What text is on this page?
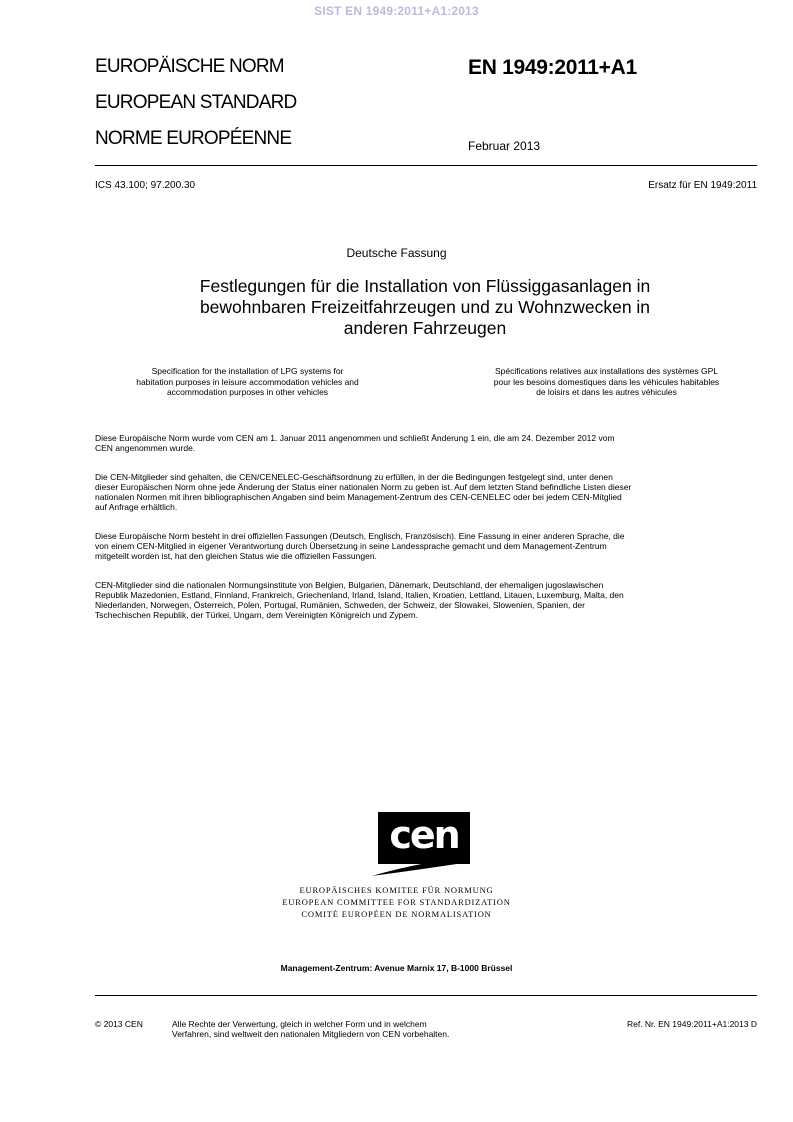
SIST EN 1949:2011+A1:2013
EUROPÄISCHE NORM
EUROPEAN STANDARD
NORME EUROPÉENNE
EN 1949:2011+A1
Februar 2013
ICS 43.100; 97.200.30	Ersatz für EN 1949:2011
Deutsche Fassung
Festlegungen für die Installation von Flüssiggasanlagen in
bewohnbaren Freizeitfahrzeugen und zu Wohnzwecken in
anderen Fahrzeugen
Specification for the installation of LPG systems for
habitation purposes in leisure accommodation vehicles and
accommodation purposes in other vehicles
Spécifications relatives aux installations des systèmes GPL
pour les besoins domestiques dans les véhicules habitables
de loisirs et dans les autres véhicules
Diese Europäische Norm wurde vom CEN am 1. Januar 2011 angenommen und schließt Änderung 1 ein, die am 24. Dezember 2012 vom
CEN angenommen wurde.
Die CEN-Mitglieder sind gehalten, die CEN/CENELEC-Geschäftsordnung zu erfüllen, in der die Bedingungen festgelegt sind, unter denen
dieser Europäischen Norm ohne jede Änderung der Status einer nationalen Norm zu geben ist. Auf dem letzten Stand befindliche Listen dieser
nationalen Normen mit ihren bibliographischen Angaben sind beim Management-Zentrum des CEN-CENELEC oder bei jedem CEN-Mitglied
auf Anfrage erhältlich.
Diese Europäische Norm besteht in drei offiziellen Fassungen (Deutsch, Englisch, Französisch). Eine Fassung in einer anderen Sprache, die
von einem CEN-Mitglied in eigener Verantwortung durch Übersetzung in seine Landessprache gemacht und dem Management-Zentrum
mitgeteilt worden ist, hat den gleichen Status wie die offiziellen Fassungen.
CEN-Mitglieder sind die nationalen Normungsinstitute von Belgien, Bulgarien, Dänemark, Deutschland, der ehemaligen jugoslawischen
Republik Mazedonien, Estland, Finnland, Frankreich, Griechenland, Irland, Island, Italien, Kroatien, Lettland, Litauen, Luxemburg, Malta, den
Niederlanden, Norwegen, Österreich, Polen, Portugal, Rumänien, Schweden, der Schweiz, der Slowakei, Slowenien, Spanien, der
Tschechischen Republik, der Türkei, Ungarn, dem Vereinigten Königreich und Zypern.
cen
EUROPÄISCHES KOMITEE FÜR NORMUNG
EUROPEAN COMMITTEE FOR STANDARDIZATION
COMITÉ EUROPÉEN DE NORMALISATION
Management-Zentrum: Avenue Marnix 17, B-1000 Brüssel
© 2013 CEN	Alle Rechte der Verwertung, gleich in welcher Form und in welchem
Verfahren, sind weltweit den nationalen Mitgliedern von CEN vorbehalten.
Ref. Nr. EN 1949:2011+A1:2013 D
